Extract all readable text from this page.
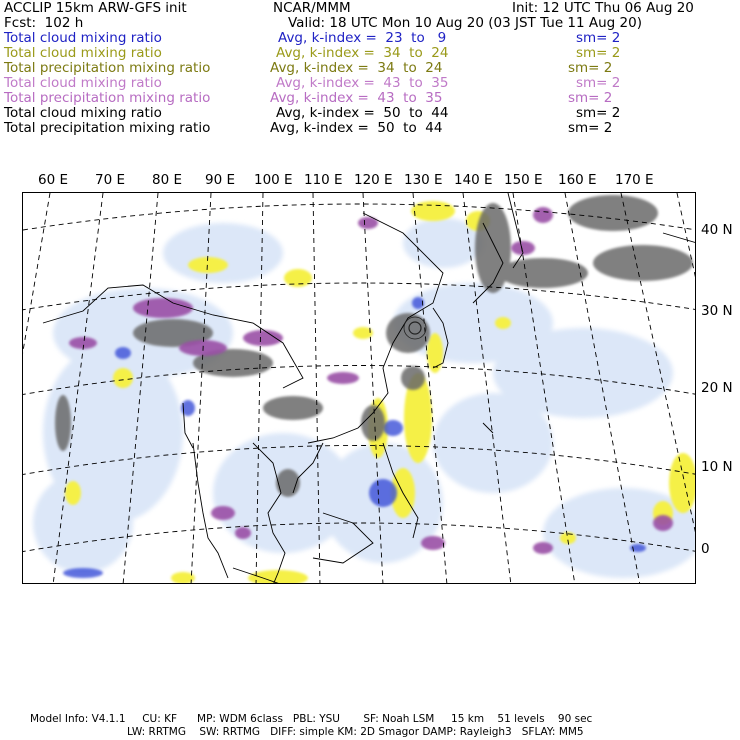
ACCLIP 15km ARW-GFS init	NCAR/MMM	Init: 12 UTC Thu 06 Aug 20
Fcst:  102 h	Valid: 18 UTC Mon 10 Aug 20 (03 JST Tue 11 Aug 20)
Total cloud mixing ratio	Avg, k-index =  23  to   9	sm= 2
Total cloud mixing ratio	Avg, k-index =  34  to  24	sm= 2
Total precipitation mixing ratio	Avg, k-index =  34  to  24	sm= 2
Total cloud mixing ratio	Avg, k-index =  43  to  35	sm= 2
Total precipitation mixing ratio	Avg, k-index =  43  to  35	sm= 2
Total cloud mixing ratio	Avg, k-index =  50  to  44	sm= 2
Total precipitation mixing ratio	Avg, k-index =  50  to  44	sm= 2
60 E 70 E 80 E 90 E 100 E 110 E 120 E 130 E 140 E 150 E 160 E 170 E
40 N
30 N
20 N
10 N
0
Model Info: V4.1.1     CU: KF      MP: WDM 6class   PBL: YSU       SF: Noah LSM     15 km    51 levels    90 sec
LW: RRTMG    SW: RRTMG   DIFF: simple KM: 2D Smagor DAMP: Rayleigh3   SFLAY: MM5
